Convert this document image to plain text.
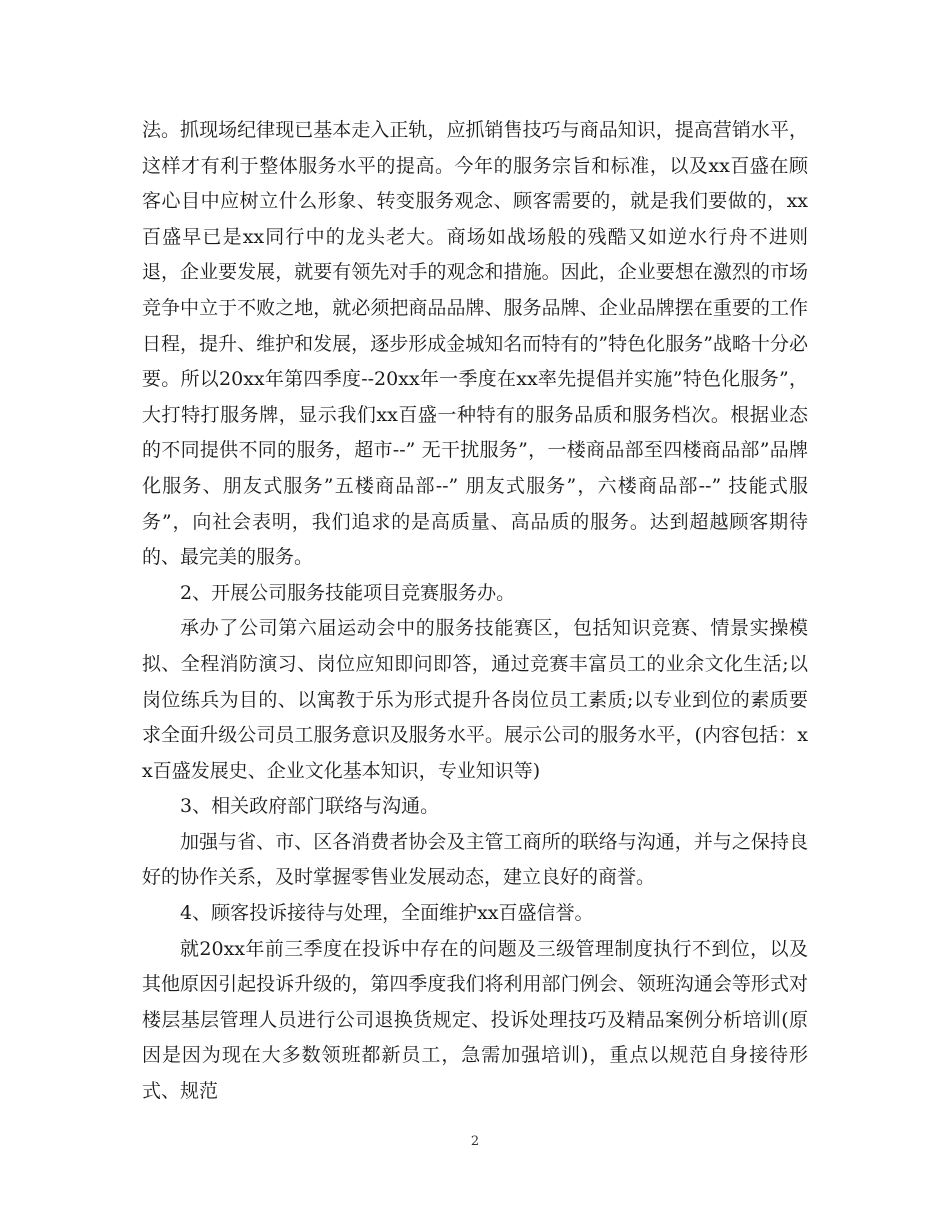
法。抓现场纪律现已基本走入正轨，应抓销售技巧与商品知识，提高营销水平，这样才有利于整体服务水平的提高。今年的服务宗旨和标准，以及xx百盛在顾客心目中应树立什么形象、转变服务观念、顾客需要的，就是我们要做的，xx百盛早已是xx同行中的龙头老大。商场如战场般的残酷又如逆水行舟不进则退，企业要发展，就要有领先对手的观念和措施。因此，企业要想在激烈的市场竞争中立于不败之地，就必须把商品品牌、服务品牌、企业品牌摆在重要的工作日程，提升、维护和发展，逐步形成金城知名而特有的”特色化服务”战略十分必要。所以20xx年第四季度--20xx年一季度在xx率先提倡并实施”特色化服务”，大打特打服务牌，显示我们xx百盛一种特有的服务品质和服务档次。根据业态的不同提供不同的服务，超市--” 无干扰服务”，一楼商品部至四楼商品部”品牌化服务、朋友式服务”五楼商品部--” 朋友式服务”，六楼商品部--” 技能式服务”，向社会表明，我们追求的是高质量、高品质的服务。达到超越顾客期待的、最完美的服务。

2、开展公司服务技能项目竞赛服务办。

承办了公司第六届运动会中的服务技能赛区，包括知识竞赛、情景实操模拟、全程消防演习、岗位应知即问即答，通过竞赛丰富员工的业余文化生活;以岗位练兵为目的、以寓教于乐为形式提升各岗位员工素质;以专业到位的素质要求全面升级公司员工服务意识及服务水平。展示公司的服务水平，(内容包括：xx百盛发展史、企业文化基本知识，专业知识等)

3、相关政府部门联络与沟通。

加强与省、市、区各消费者协会及主管工商所的联络与沟通，并与之保持良好的协作关系，及时掌握零售业发展动态，建立良好的商誉。

4、顾客投诉接待与处理，全面维护xx百盛信誉。

就20xx年前三季度在投诉中存在的问题及三级管理制度执行不到位，以及其他原因引起投诉升级的，第四季度我们将利用部门例会、领班沟通会等形式对楼层基层管理人员进行公司退换货规定、投诉处理技巧及精品案例分析培训(原因是因为现在大多数领班都新员工，急需加强培训)，重点以规范自身接待形式、规范

2
